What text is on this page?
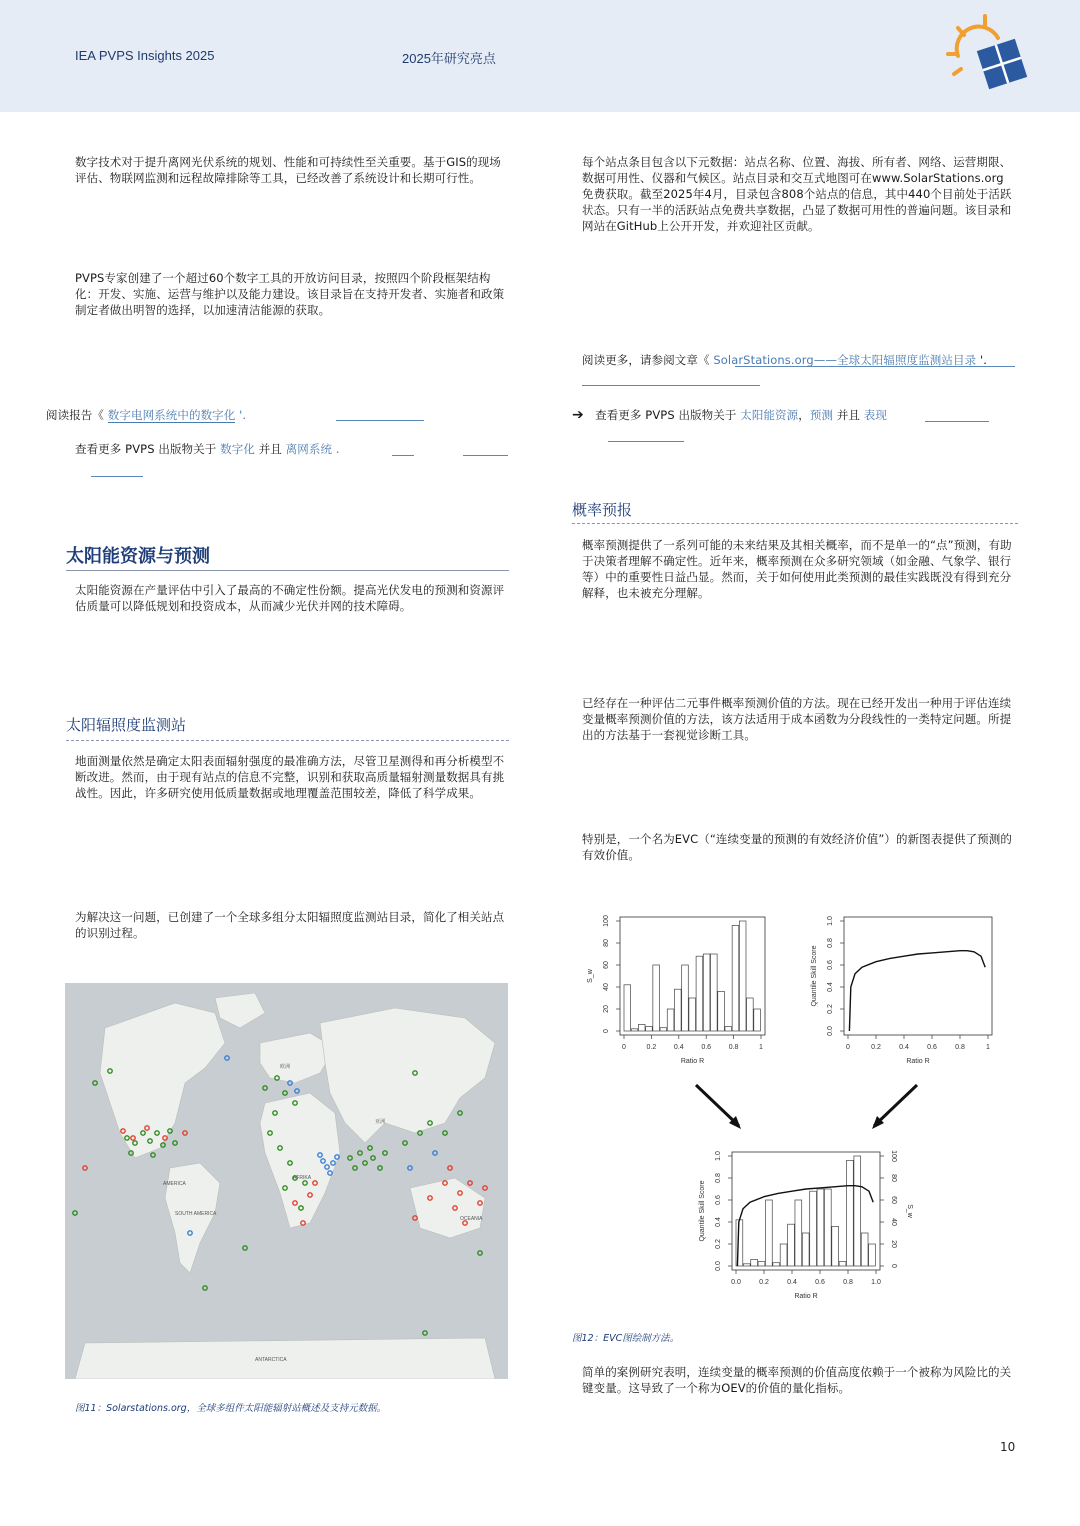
IEA PVPS Insights 2025	2025年研究亮点
数字技术对于提升离网光伏系统的规划、性能和可持续性至关重要。基于GIS的现场评估、物联网监测和远程故障排除等工具，已经改善了系统设计和长期可行性。
PVPS专家创建了一个超过60个数字工具的开放访问目录，按照四个阶段框架结构化：开发、实施、运营与维护以及能力建设。该目录旨在支持开发者、实施者和政策制定者做出明智的选择，以加速清洁能源的获取。
阅读报告《 数字电网系统中的数字化 '.
查看更多 PVPS 出版物关于 数字化 并且 离网系统 .
太阳能资源与预测
太阳能资源在产量评估中引入了最高的不确定性份额。提高光伏发电的预测和资源评估质量可以降低规划和投资成本，从而减少光伏并网的技术障碍。
太阳辐照度监测站
地面测量依然是确定太阳表面辐射强度的最准确方法，尽管卫星测得和再分析模型不断改进。然而，由于现有站点的信息不完整，识别和获取高质量辐射测量数据具有挑战性。因此，许多研究使用低质量数据或地理覆盖范围较差，降低了科学成果。
为解决这一问题，已创建了一个全球多组分太阳辐照度监测站目录，简化了相关站点的识别过程。
AMERICA
SOUTH AMERICA
AFRIKA
亚洲
欧洲
OCEANIA
ANTARCTICA
图11：Solarstations.org，全球多组件太阳能辐射站概述及支持元数据。
每个站点条目包含以下元数据：站点名称、位置、海拔、所有者、网络、运营期限、数据可用性、仪器和气候区。站点目录和交互式地图可在www.SolarStations.org免费获取。截至2025年4月，目录包含808个站点的信息，其中440个目前处于活跃状态。只有一半的活跃站点免费共享数据，凸显了数据可用性的普遍问题。该目录和网站在GitHub上公开开发，并欢迎社区贡献。
阅读更多，请参阅文章《 SolarStations.org——全球太阳辐照度监测站目录 '.
➔ 查看更多 PVPS 出版物关于 太阳能资源，预测 并且 表现
概率预报
概率预测提供了一系列可能的未来结果及其相关概率，而不是单一的“点”预测，有助于决策者理解不确定性。近年来，概率预测在众多研究领域（如金融、气象学、银行等）中的重要性日益凸显。然而，关于如何使用此类预测的最佳实践既没有得到充分解释，也未被充分理解。
已经存在一种评估二元事件概率预测价值的方法。现在已经开发出一种用于评估连续变量概率预测价值的方法，该方法适用于成本函数为分段线性的一类特定问题。所提出的方法基于一套视觉诊断工具。
特别是，一个名为EVC（“连续变量的预测的有效经济价值”）的新图表提供了预测的有效价值。
0	0.2	0.4	0.6	0.8	1
Ratio R
0
20
40
60
80
100
S_w
0	0.2	0.4	0.6	0.8	1
Ratio R
0.0
0.2
0.4
0.6
0.8
1.0
Quantile Skill Score
0.0	0.2	0.4	0.6	0.8	1.0
Ratio R
0.0
0.2
0.4
0.6
0.8
1.0
Quantile Skill Score
0
20
40
60
80
100
S_w
图12：EVC图绘制方法。
简单的案例研究表明，连续变量的概率预测的价值高度依赖于一个被称为风险比的关键变量。这导致了一个称为OEV的价值的量化指标。
10
